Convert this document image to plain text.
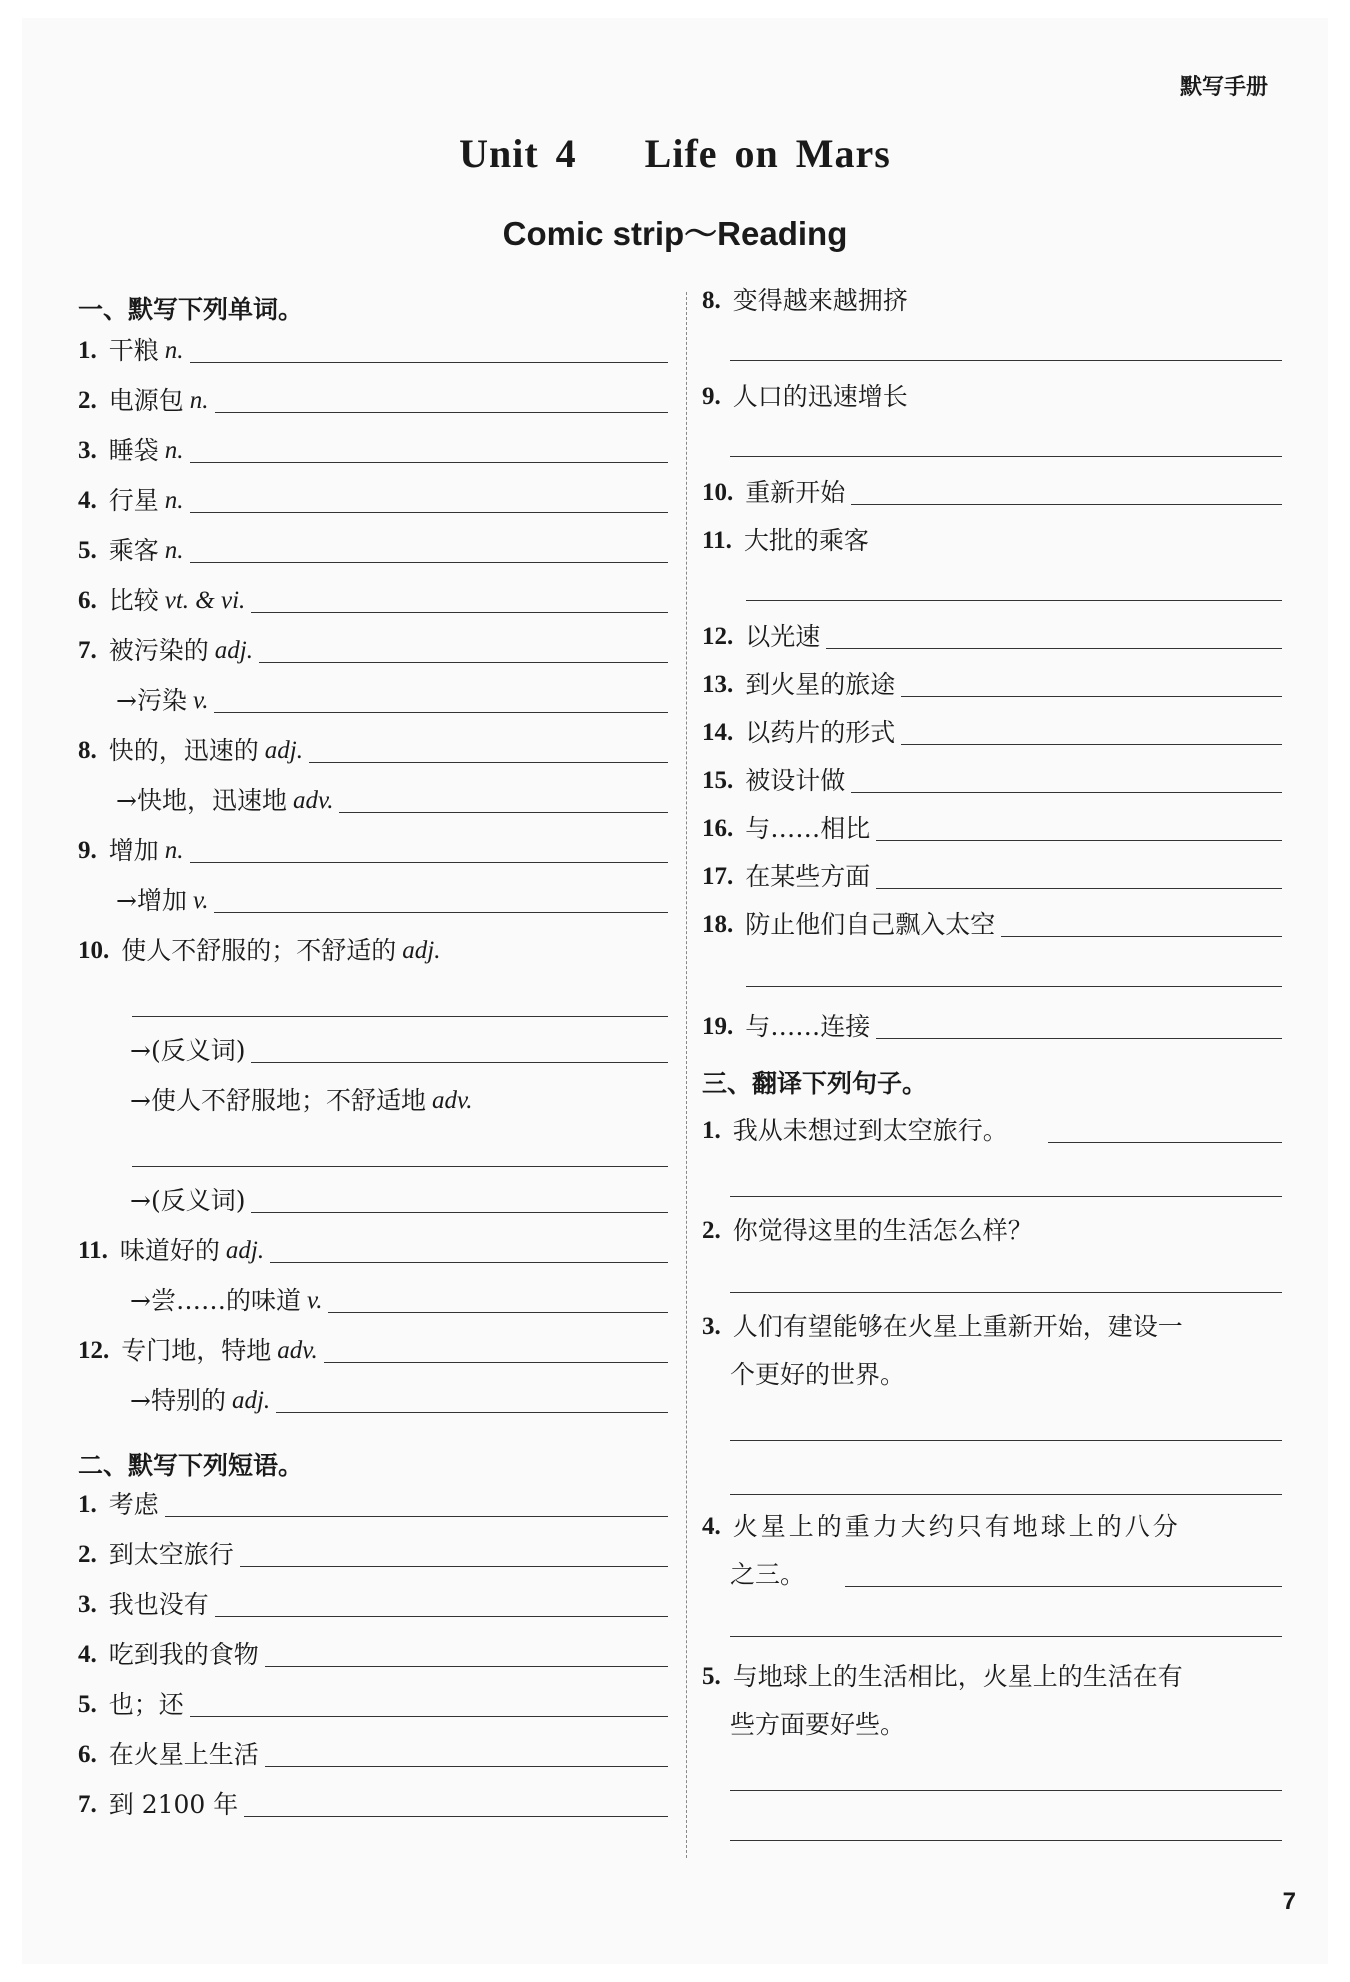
默写手册
Unit 4    Life on Mars
Comic strip～Reading
一、默写下列单词。
1. 干粮 n.
2. 电源包 n.
3. 睡袋 n.
4. 行星 n.
5. 乘客 n.
6. 比较 vt. & vi.
7. 被污染的 adj.
→污染 v.
8. 快的，迅速的 adj.
→快地，迅速地 adv.
9. 增加 n.
→增加 v.
10. 使人不舒服的；不舒适的 adj.
→(反义词)
→使人不舒服地；不舒适地 adv.
→(反义词)
11. 味道好的 adj.
→尝……的味道 v.
12. 专门地，特地 adv.
→特别的 adj.
二、默写下列短语。
1. 考虑
2. 到太空旅行
3. 我也没有
4. 吃到我的食物
5. 也；还
6. 在火星上生活
7. 到 2100 年
8. 变得越来越拥挤
9. 人口的迅速增长
10. 重新开始
11. 大批的乘客
12. 以光速
13. 到火星的旅途
14. 以药片的形式
15. 被设计做
16. 与……相比
17. 在某些方面
18. 防止他们自己飘入太空
19. 与……连接
三、翻译下列句子。
1. 我从未想过到太空旅行。
2. 你觉得这里的生活怎么样？
3. 人们有望能够在火星上重新开始，建设一
个更好的世界。
4. 火星上的重力大约只有地球上的八分
之三。
5. 与地球上的生活相比，火星上的生活在有
些方面要好些。
7
